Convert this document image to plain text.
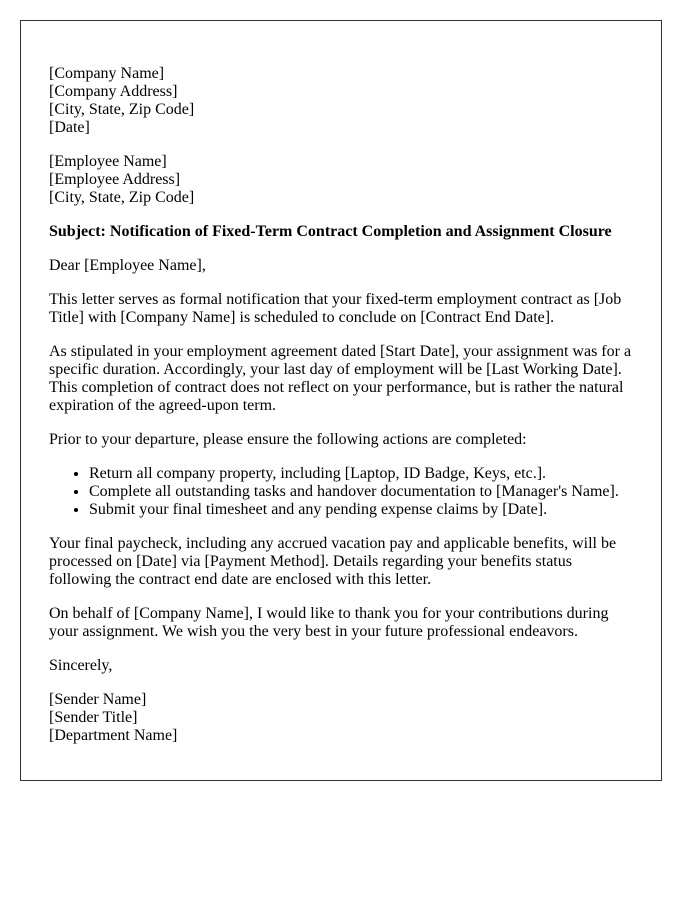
[Company Name]
[Company Address]
[City, State, Zip Code]
[Date]

[Employee Name]
[Employee Address]
[City, State, Zip Code]

Subject: Notification of Fixed-Term Contract Completion and Assignment Closure

Dear [Employee Name],

This letter serves as formal notification that your fixed-term employment contract as [Job Title] with [Company Name] is scheduled to conclude on [Contract End Date].

As stipulated in your employment agreement dated [Start Date], your assignment was for a specific duration. Accordingly, your last day of employment will be [Last Working Date]. This completion of contract does not reflect on your performance, but is rather the natural expiration of the agreed-upon term.

Prior to your departure, please ensure the following actions are completed:

• Return all company property, including [Laptop, ID Badge, Keys, etc.].
• Complete all outstanding tasks and handover documentation to [Manager's Name].
• Submit your final timesheet and any pending expense claims by [Date].

Your final paycheck, including any accrued vacation pay and applicable benefits, will be processed on [Date] via [Payment Method]. Details regarding your benefits status following the contract end date are enclosed with this letter.

On behalf of [Company Name], I would like to thank you for your contributions during your assignment. We wish you the very best in your future professional endeavors.

Sincerely,

[Sender Name]
[Sender Title]
[Department Name]
